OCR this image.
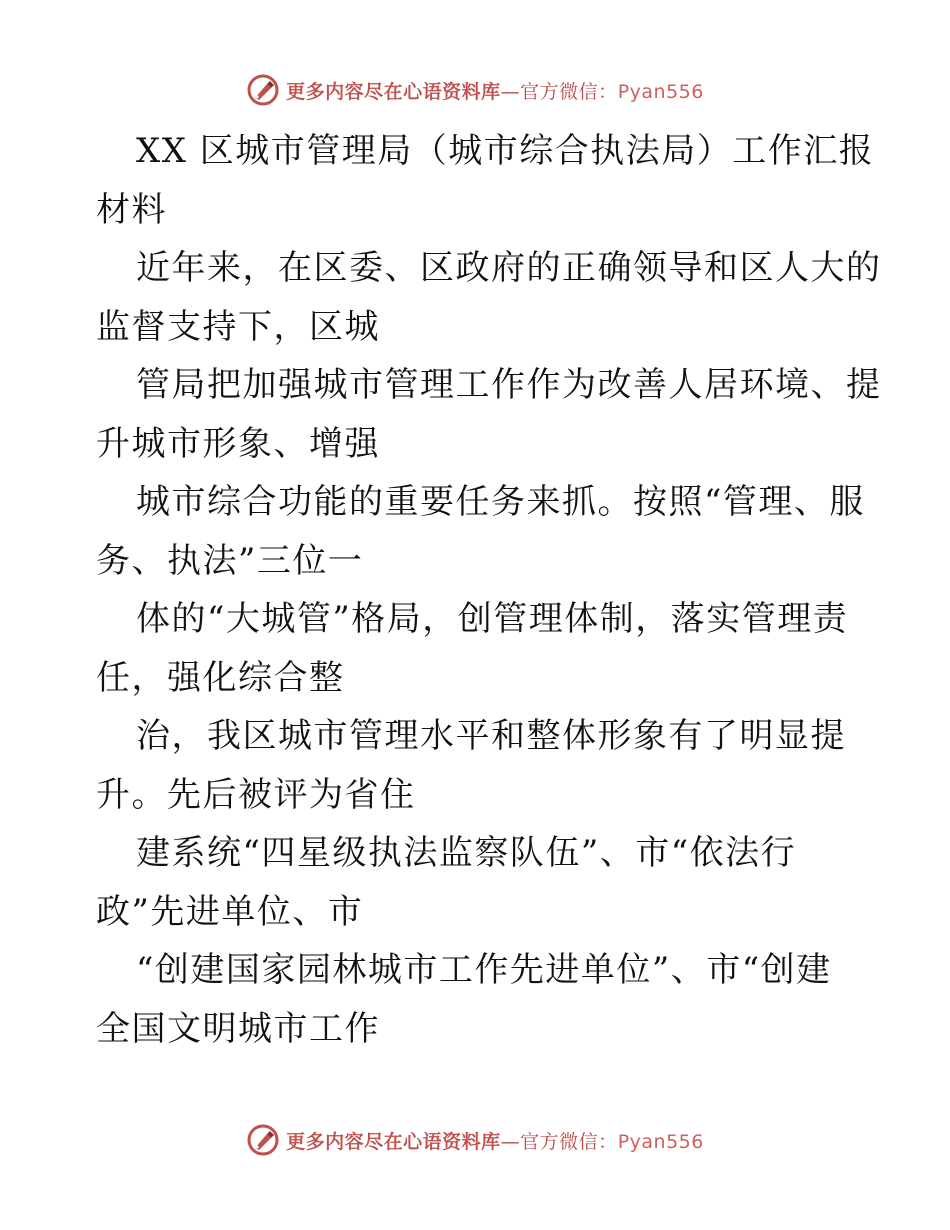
更多内容尽在心语资料库—官方微信：Pyan556
XX 区城市管理局（城市综合执法局）工作汇报
材料
近年来，在区委、区政府的正确领导和区人大的
监督支持下，区城
管局把加强城市管理工作作为改善人居环境、提
升城市形象、增强
城市综合功能的重要任务来抓。按照“管理、服
务、执法”三位一
体的“大城管”格局，创管理体制，落实管理责
任，强化综合整
治，我区城市管理水平和整体形象有了明显提
升。先后被评为省住
建系统“四星级执法监察队伍”、市“依法行
政”先进单位、市
“创建国家园林城市工作先进单位”、市“创建
全国文明城市工作
更多内容尽在心语资料库—官方微信：Pyan556
